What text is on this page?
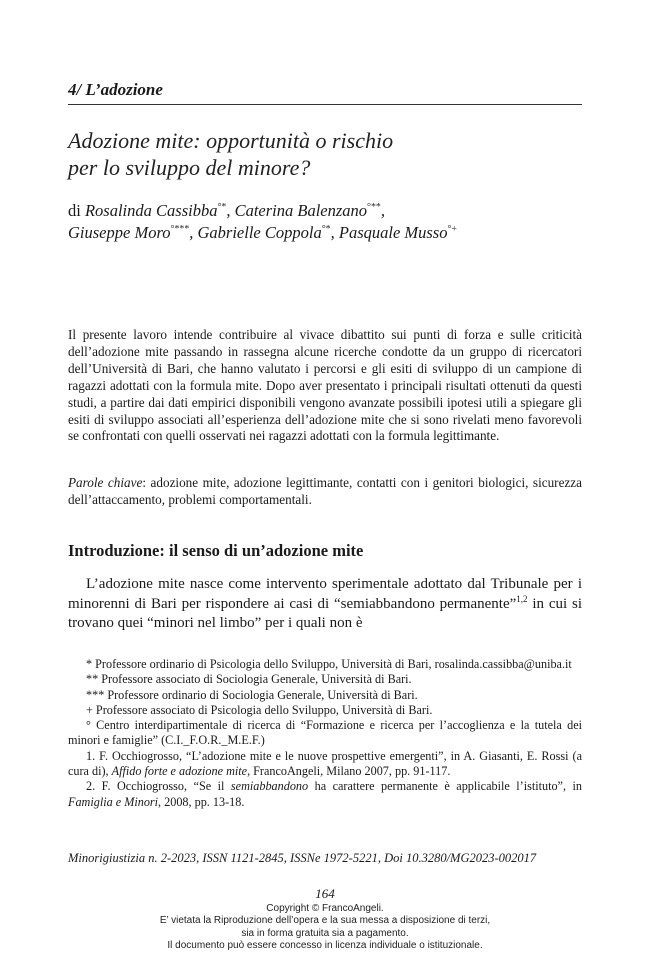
4/ L’adozione
Adozione mite: opportunità o rischio
per lo sviluppo del minore?
di Rosalinda Cassibba°*, Caterina Balenzano°**,
Giuseppe Moro°***, Gabrielle Coppola°*, Pasquale Musso°+
Il presente lavoro intende contribuire al vivace dibattito sui punti di forza e sulle criticità dell’adozione mite passando in rassegna alcune ricerche condotte da un gruppo di ricercatori dell’Università di Bari, che hanno valutato i percorsi e gli esiti di sviluppo di un campione di ragazzi adottati con la formula mite. Dopo aver presentato i principali risultati ottenuti da questi studi, a partire dai dati empirici disponibili vengono avanzate possibili ipotesi utili a spiegare gli esiti di sviluppo associati all’esperienza dell’adozione mite che si sono rivelati meno favorevoli se confrontati con quelli osservati nei ragazzi adottati con la formula legittimante.
Parole chiave: adozione mite, adozione legittimante, contatti con i genitori biologici, sicurezza dell’attaccamento, problemi comportamentali.
Introduzione: il senso di un’adozione mite
L’adozione mite nasce come intervento sperimentale adottato dal Tribunale per i minorenni di Bari per rispondere ai casi di “semiabbandono permanente”$^{1,2}$ in cui si trovano quei “minori nel limbo” per i quali non è

* Professore ordinario di Psicologia dello Sviluppo, Università di Bari, rosalinda.cassibba@uniba.it

** Professore associato di Sociologia Generale, Università di Bari.

*** Professore ordinario di Sociologia Generale, Università di Bari.

+ Professore associato di Psicologia dello Sviluppo, Università di Bari.

° Centro interdipartimentale di ricerca di “Formazione e ricerca per l’accoglienza e la tutela dei minori e famiglie” (C.I._F.O.R._M.E.F.)

1. F. Occhiogrosso, “L’adozione mite e le nuove prospettive emergenti”, in A. Giasanti, E. Rossi (a cura di), Affido forte e adozione mite, FrancoAngeli, Milano 2007, pp. 91-117.

2. F. Occhiogrosso, “Se il semiabbandono ha carattere permanente è applicabile l’istituto”, in Famiglia e Minori, 2008, pp. 13-18.

Minorigiustizia n. 2-2023, ISSN 1121-2845, ISSNe 1972-5221, Doi 10.3280/MG2023-002017
164
Copyright © FrancoAngeli.
E’ vietata la Riproduzione dell’opera e la sua messa a disposizione di terzi,
sia in forma gratuita sia a pagamento.
Il documento può essere concesso in licenza individuale o istituzionale.
